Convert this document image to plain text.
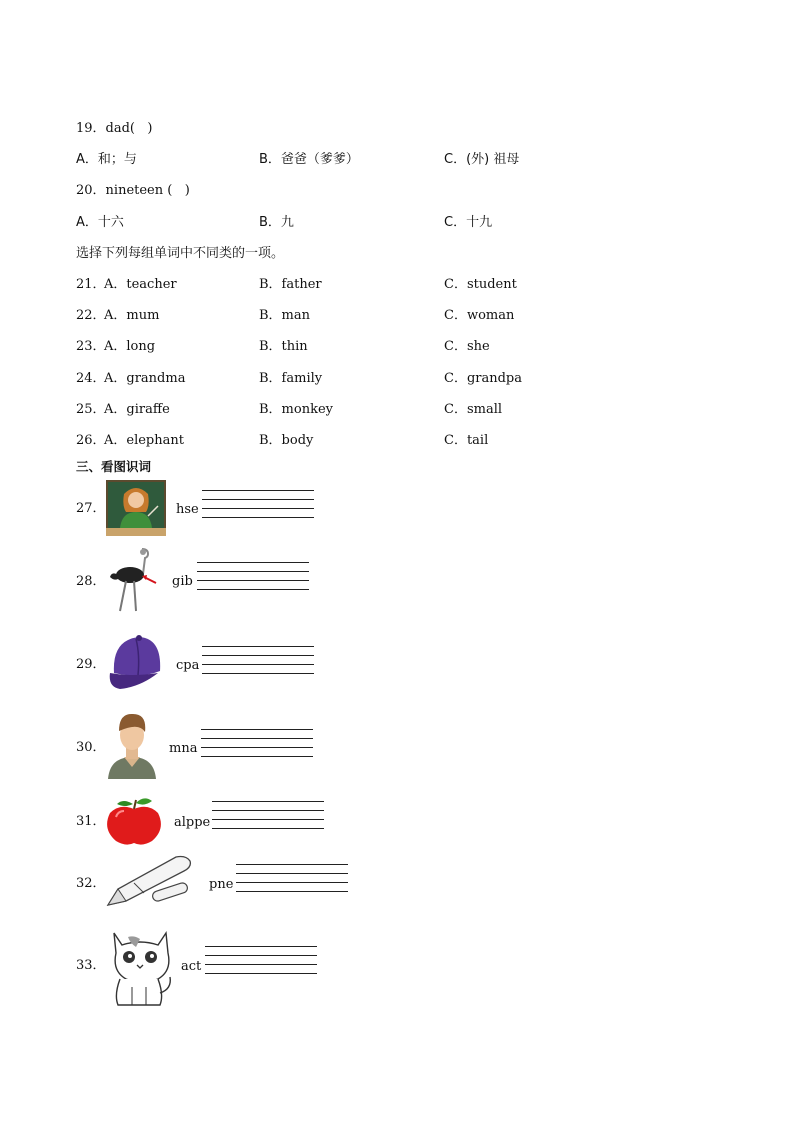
19．dad(   )
A．和；与	B．爸爸（爹爹）	C．(外) 祖母
20．nineteen (   )
A．十六	B．九	C．十九
选择下列每组单词中不同类的一项。
21．
A．teacher	B．father	C．student
22．
A．mum	B．man	C．woman
23．
A．long	B．thin	C．she
24．
A．grandma	B．family	C．grandpa
25．
A．giraffe	B．monkey	C．small
26．
A．elephant	B．body	C．tail
三、看图识词
27．	hse
28．	gib
29．	cpa
30．	mna
31．	alppe
32．	pne
33．	act
